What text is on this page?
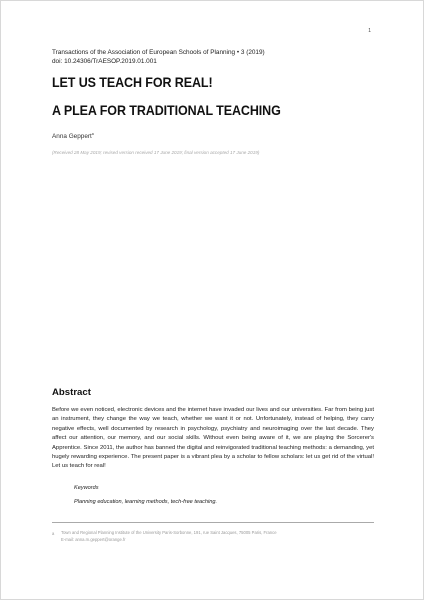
1
Transactions of the Association of European Schools of Planning • 3 (2019)
doi: 10.24306/TrAESOP.2019.01.001
LET US TEACH FOR REAL!
A PLEA FOR TRADITIONAL TEACHING
Anna Geppert$^a$
(Received 28 May 2019; revised version received 17 June 2019; final version accepted 17 June 2019)
Abstract
Before we even noticed, electronic devices and the internet have invaded our lives and our universities. Far from being just an instrument, they change the way we teach, whether we want it or not. Unfortunately, instead of helping, they carry negative effects, well documented by research in psychology, psychiatry and neuroimaging over the last decade. They affect our attention, our memory, and our social skills. Without even being aware of it, we are playing the Sorcerer's Apprentice. Since 2011, the author has banned the digital and reinvigorated traditional teaching methods: a demanding, yet hugely rewarding experience. The present paper is a vibrant plea by a scholar to fellow scholars: let us get rid of the virtual! Let us teach for real!
Keywords
Planning education, learning methods, tech-free teaching.
a Town and Regional Planning Institute of the University Paris-Sorbonne, 191, rue Saint Jacques, 75005 Paris, France
E-mail: anna.m.geppert@orange.fr
